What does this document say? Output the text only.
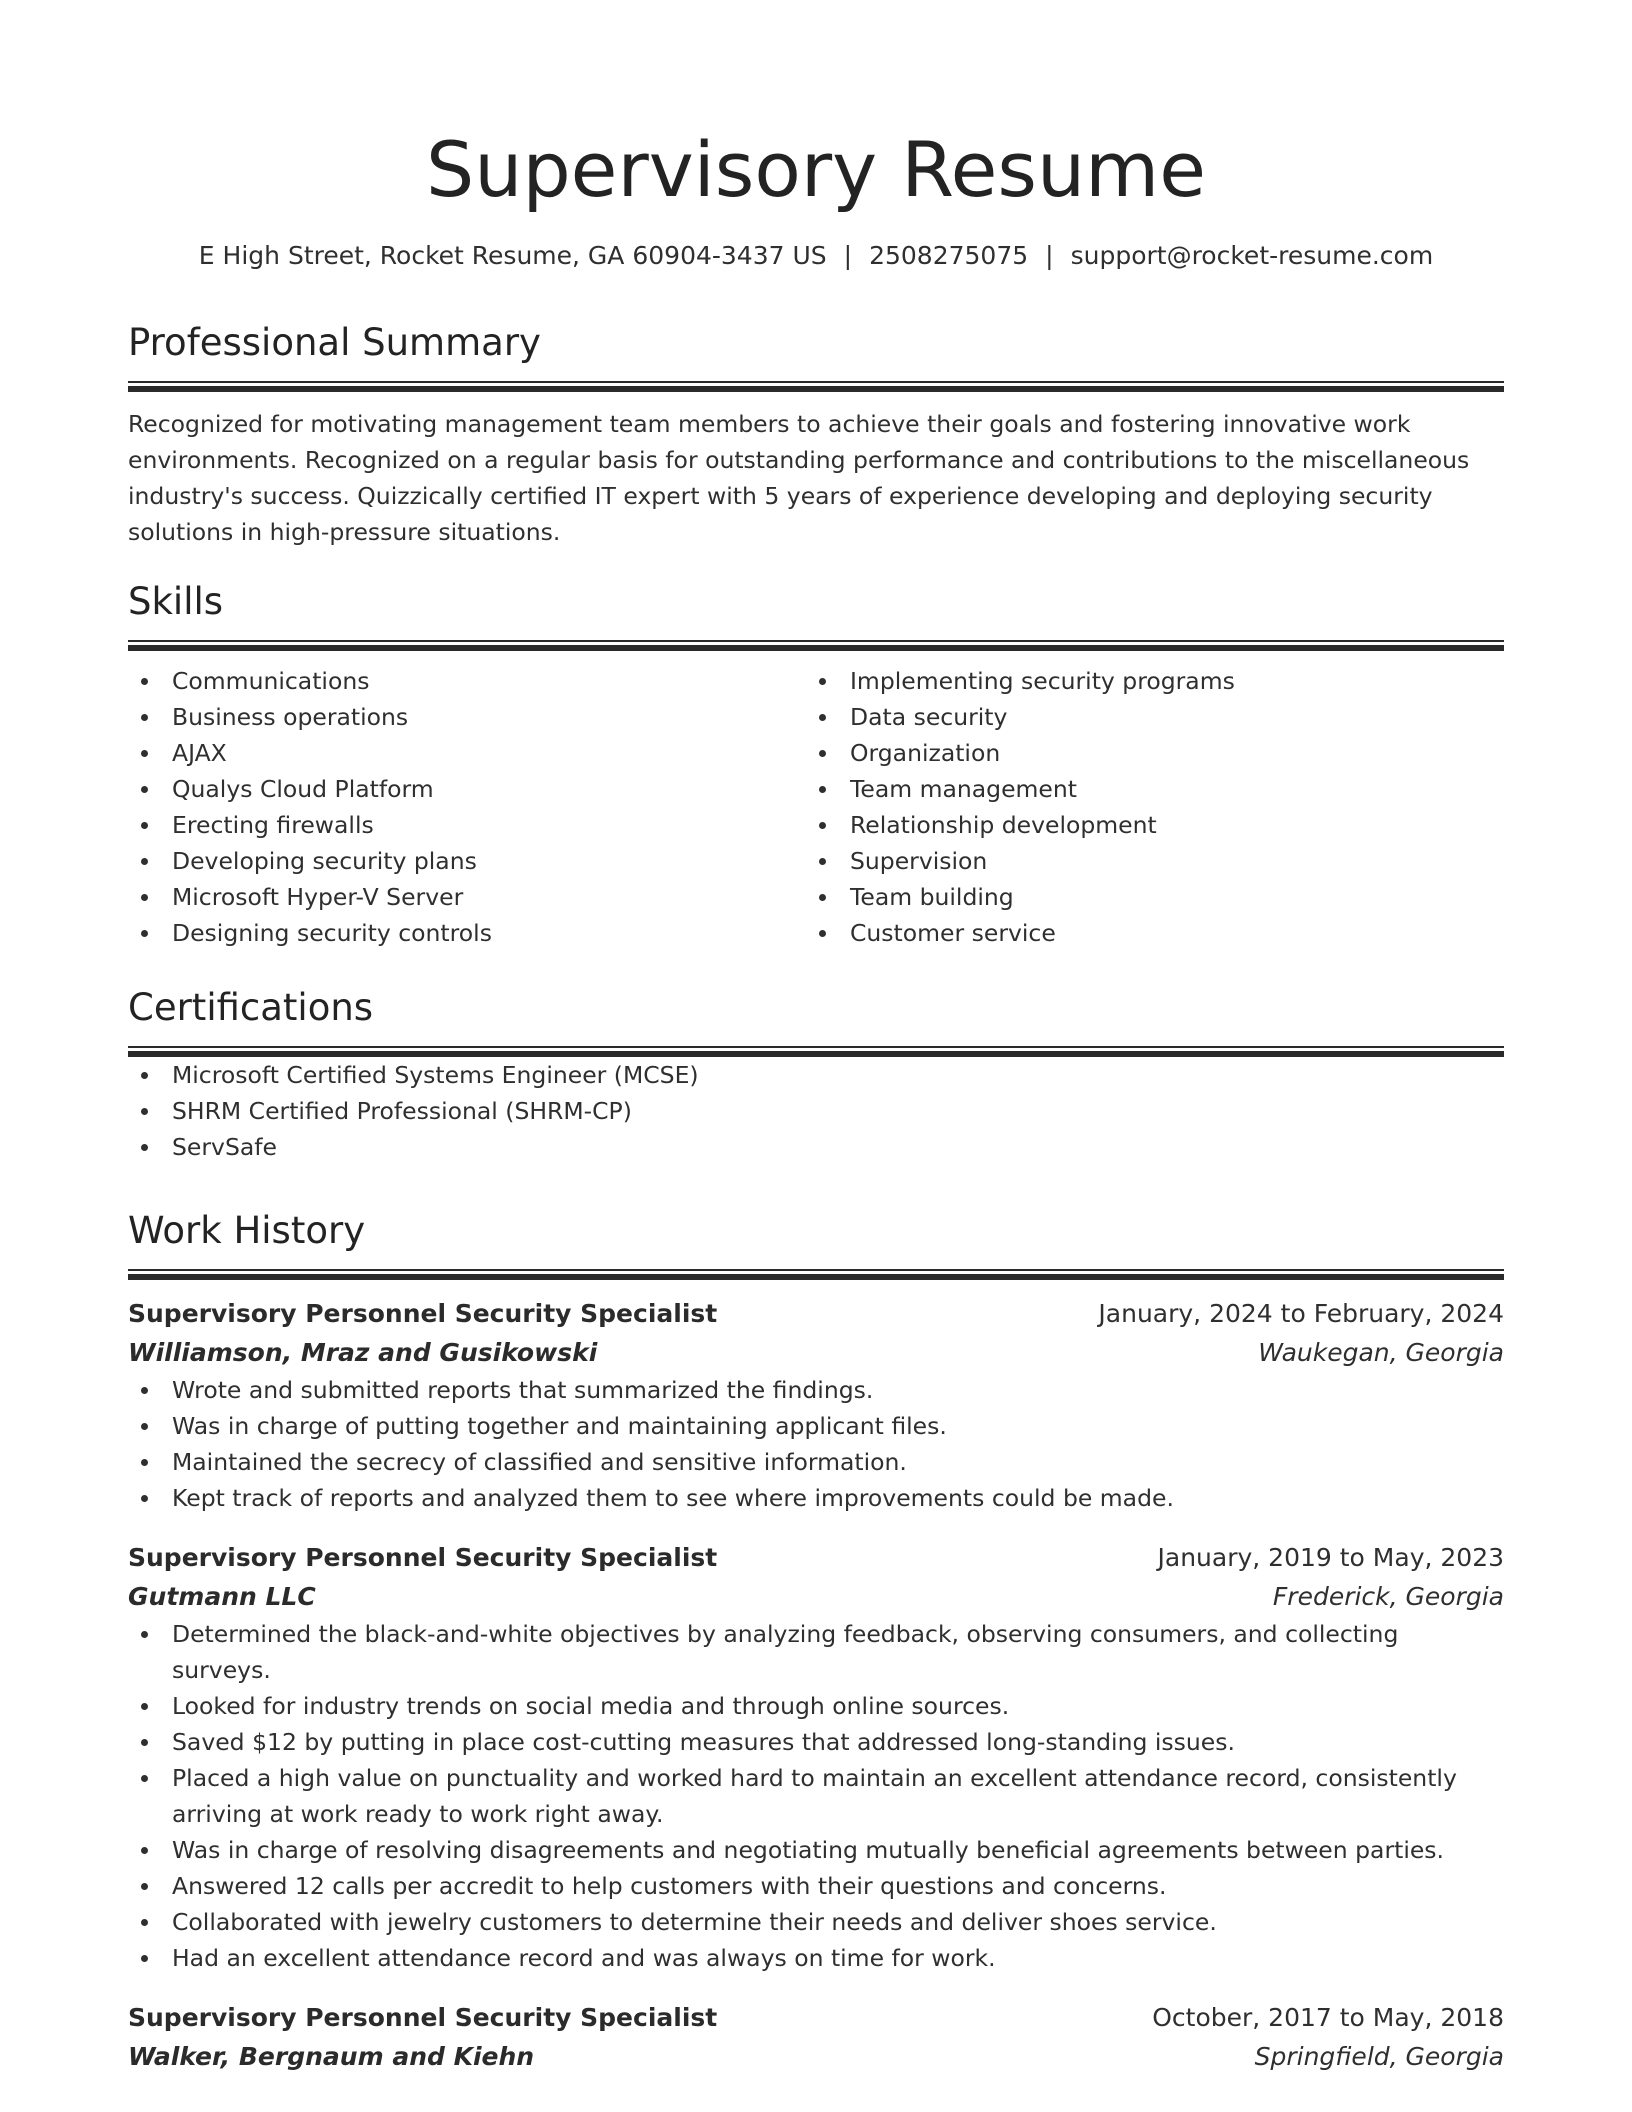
Supervisory Resume
E High Street, Rocket Resume, GA 60904-3437 US | 2508275075 | support@rocket-resume.com
Professional Summary
Recognized for motivating management team members to achieve their goals and fostering innovative work environments. Recognized on a regular basis for outstanding performance and contributions to the miscellaneous industry's success. Quizzically certified IT expert with 5 years of experience developing and deploying security solutions in high-pressure situations.
Skills
Communications
Business operations
AJAX
Qualys Cloud Platform
Erecting firewalls
Developing security plans
Microsoft Hyper-V Server
Designing security controls
Implementing security programs
Data security
Organization
Team management
Relationship development
Supervision
Team building
Customer service
Certifications
Microsoft Certified Systems Engineer (MCSE)
SHRM Certified Professional (SHRM-CP)
ServSafe
Work History
Supervisory Personnel Security Specialist	January, 2024 to February, 2024
Williamson, Mraz and Gusikowski	Waukegan, Georgia
Wrote and submitted reports that summarized the findings.
Was in charge of putting together and maintaining applicant files.
Maintained the secrecy of classified and sensitive information.
Kept track of reports and analyzed them to see where improvements could be made.
Supervisory Personnel Security Specialist	January, 2019 to May, 2023
Gutmann LLC	Frederick, Georgia
Determined the black-and-white objectives by analyzing feedback, observing consumers, and collecting surveys.
Looked for industry trends on social media and through online sources.
Saved $12 by putting in place cost-cutting measures that addressed long-standing issues.
Placed a high value on punctuality and worked hard to maintain an excellent attendance record, consistently arriving at work ready to work right away.
Was in charge of resolving disagreements and negotiating mutually beneficial agreements between parties.
Answered 12 calls per accredit to help customers with their questions and concerns.
Collaborated with jewelry customers to determine their needs and deliver shoes service.
Had an excellent attendance record and was always on time for work.
Supervisory Personnel Security Specialist	October, 2017 to May, 2018
Walker, Bergnaum and Kiehn	Springfield, Georgia
